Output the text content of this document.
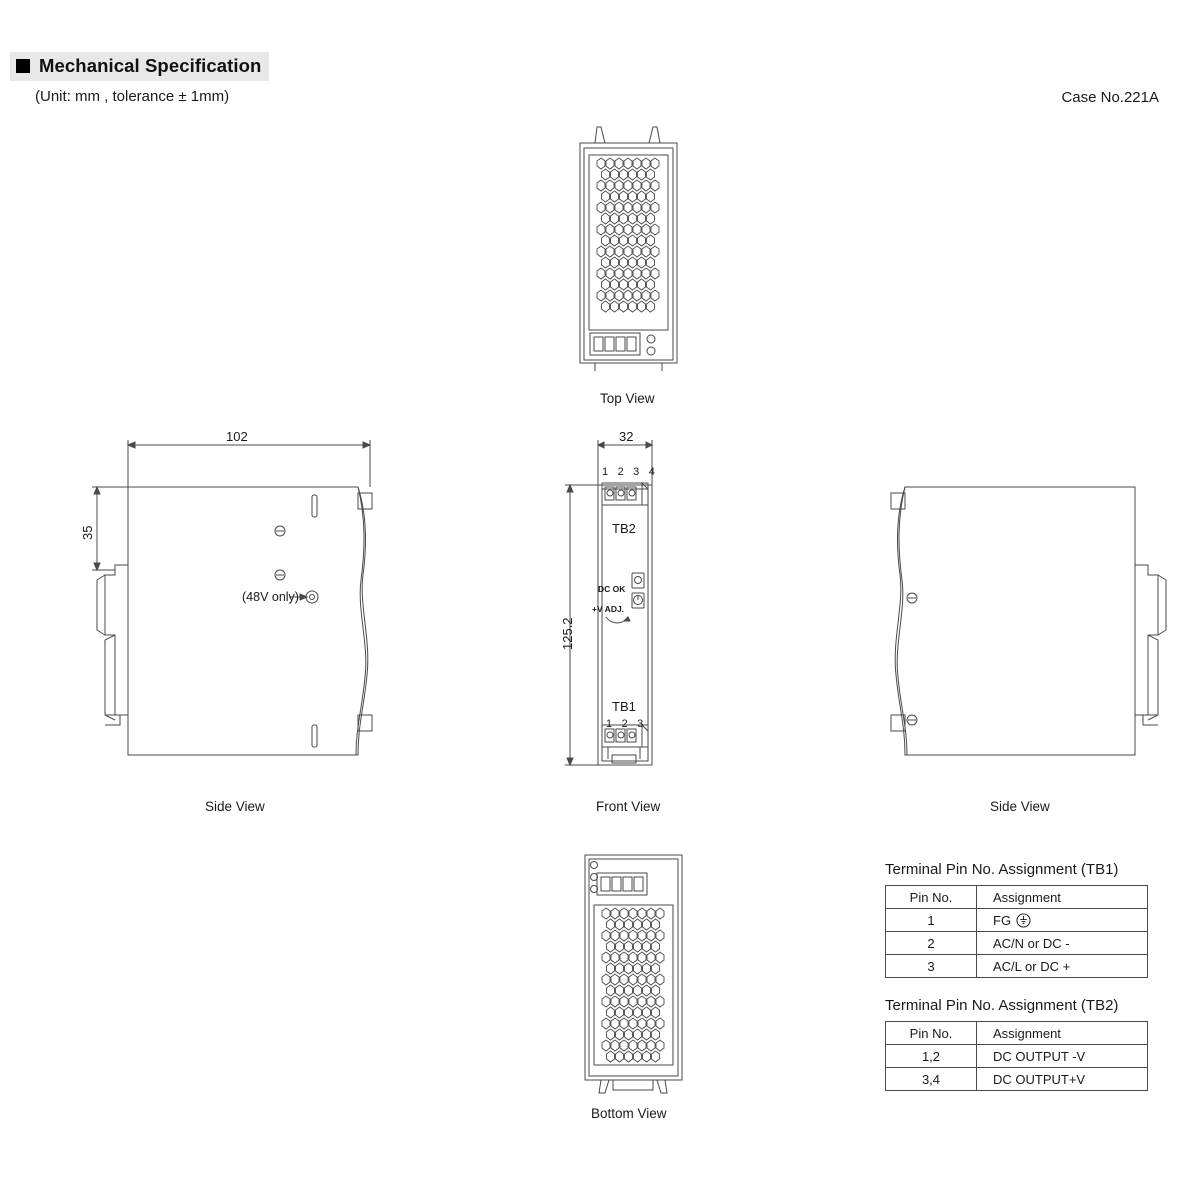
Mechanical Specification
(Unit: mm , tolerance ± 1mm)	Case No.221A
Top View
102
35
(48V only)
Side View
32
125.2
1 2 3 4
TB2
DC OK
+V ADJ.
TB1
1 2 3
Front View	Side View
Bottom View
Terminal Pin No. Assignment (TB1)
Pin No.	Assignment
1	FG

2	AC/N or DC -
3	AC/L or DC +
Terminal Pin No. Assignment (TB2)
Pin No.	Assignment
1,2	DC OUTPUT -V
3,4	DC OUTPUT+V
